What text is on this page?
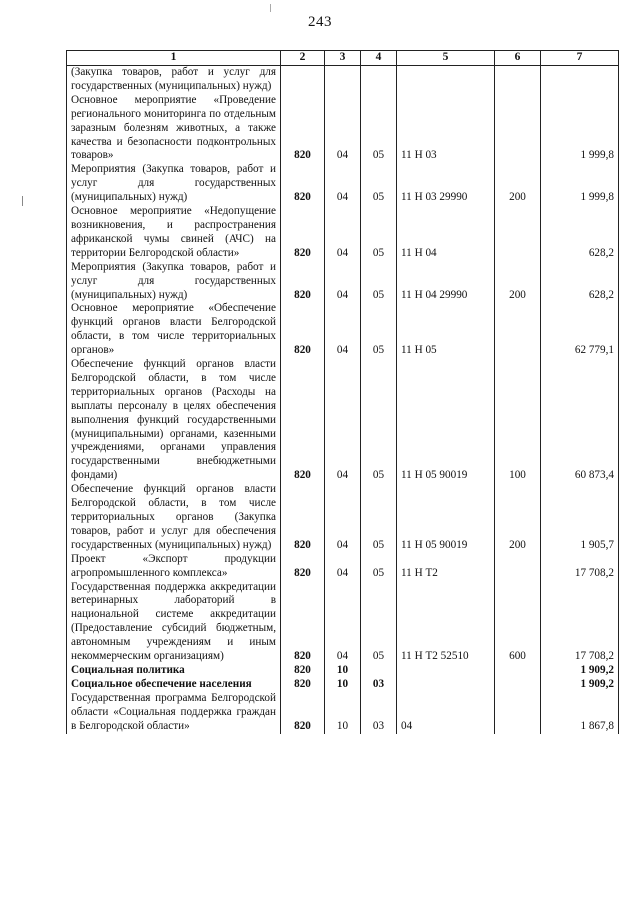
243
1	2	3	4	5	6	7
(Закупка товаров, работ и услуг для государственных (муниципальных) нужд)						
Основное мероприятие «Проведение регионального мониторинга по отдельным заразным болезням животных, а также качества и безопасности подконтрольных товаров»	820	04	05	11 Н 03		1 999,8
Мероприятия (Закупка товаров, работ и услуг для государственных (муниципальных) нужд)	820	04	05	11 Н 03 29990	200	1 999,8
Основное мероприятие «Недопущение возникновения, и распространения африканской чумы свиней (АЧС) на территории Белгородской области»	820	04	05	11 Н 04		628,2
Мероприятия (Закупка товаров, работ и услуг для государственных (муниципальных) нужд)	820	04	05	11 Н 04 29990	200	628,2
Основное мероприятие «Обеспечение функций органов власти Белгородской области, в том числе территориальных органов»	820	04	05	11 Н 05		62 779,1
Обеспечение функций органов власти Белгородской области, в том числе территориальных органов (Расходы на выплаты персоналу в целях обеспечения выполнения функций государственными (муниципальными) органами, казенными учреждениями, органами управления государственными внебюджетными фондами)	820	04	05	11 Н 05 90019	100	60 873,4
Обеспечение функций органов власти Белгородской области, в том числе территориальных органов (Закупка товаров, работ и услуг для обеспечения государственных (муниципальных) нужд)	820	04	05	11 Н 05 90019	200	1 905,7
Проект «Экспорт продукции агропромышленного комплекса»	820	04	05	11 Н Т2		17 708,2
Государственная поддержка аккредитации ветеринарных лабораторий в национальной системе аккредитации (Предоставление субсидий бюджетным, автономным учреждениям и иным некоммерческим организациям)	820	04	05	11 Н Т2 52510	600	17 708,2
Социальная политика	820	10				1 909,2
Социальное обеспечение населения	820	10	03			1 909,2
Государственная программа Белгородской области «Социальная поддержка граждан в Белгородской области»	820	10	03	04		1 867,8
